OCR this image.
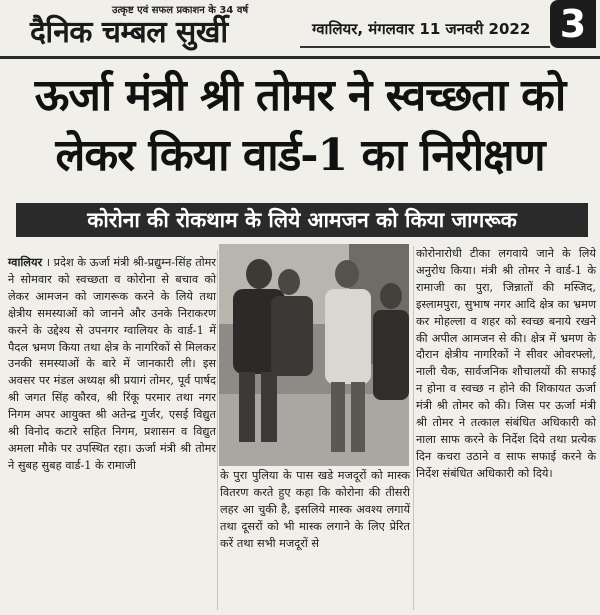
उत्कृष्ट एवं सफल प्रकाशन के 34 वर्ष
दैनिक चम्बल सुर्खी	ग्वालियर, मंगलवार 11 जनवरी 2022 3
ऊर्जा मंत्री श्री तोमर ने स्वच्छता को
लेकर किया वार्ड-1 का निरीक्षण
कोरोना की रोकथाम के लिये आमजन को किया जागरूक

ग्वालियर । प्रदेश के ऊर्जा मंत्री श्री-प्रद्युम्न-सिंह तोमर ने सोमवार को स्वच्छता व कोरोना से बचाव को लेकर आमजन को जागरूक करने के लिये तथा क्षेत्रीय समस्याओं को जानने और उनके निराकरण करने के उद्देश्य से उपनगर ग्वालियर के वार्ड-1 में पैदल भ्रमण किया तथा क्षेत्र के नागरिकों से मिलकर उनकी समस्याओं के बारे में जानकारी ली। इस अवसर पर मंडल अध्यक्ष श्री प्रयागं तोमर, पूर्व पार्षद श्री जगत सिंह कौरव, श्री रिंकू परमार तथा नगर निगम अपर आयुक्त श्री अतेन्द्र गुर्जर, एसई विद्युत श्री विनोद कटारे सहित निगम, प्रशासन व विद्युत अमला मौके पर उपस्थित रहा। ऊर्जा मंत्री श्री तोमर ने सुबह सुबह वार्ड-1 के रामाजी

के पुरा पुलिया के पास खडे मजदूरों को मास्क वितरण करते हुए कहा कि कोरोना की तीसरी लहर आ चुकी है, इसलिये मास्क अवश्य लगायें तथा दूसरों को भी मास्क लगाने के लिए प्रेरित करें तथा सभी मजदूरों से

कोरोनारोधी टीका लगवाये जाने के लिये अनुरोध किया। मंत्री श्री तोमर ने वार्ड-1 के रामाजी का पुरा, जिन्नातों की मस्जिद, इस्लामपुरा, सुभाष नगर आदि क्षेत्र का भ्रमण कर मोहल्ला व शहर को स्वच्छ बनाये रखने की अपील आमजन से की। क्षेत्र में भ्रमण के दौरान क्षेत्रीय नागरिकों ने सीवर ओवरफ्लो, नाली चैक, सार्वजनिक शौचालयों की सफाई न होना व स्वच्छ न होने की शिकायत ऊर्जा मंत्री श्री तोमर को की। जिस पर ऊर्जा मंत्री श्री तोमर ने तत्काल संबंधित अधिकारी को नाला साफ करने के निर्देश दिये तथा प्रत्येक दिन कचरा उठाने व साफ सफाई करने के निर्देश संबंधित अधिकारी को दिये।
